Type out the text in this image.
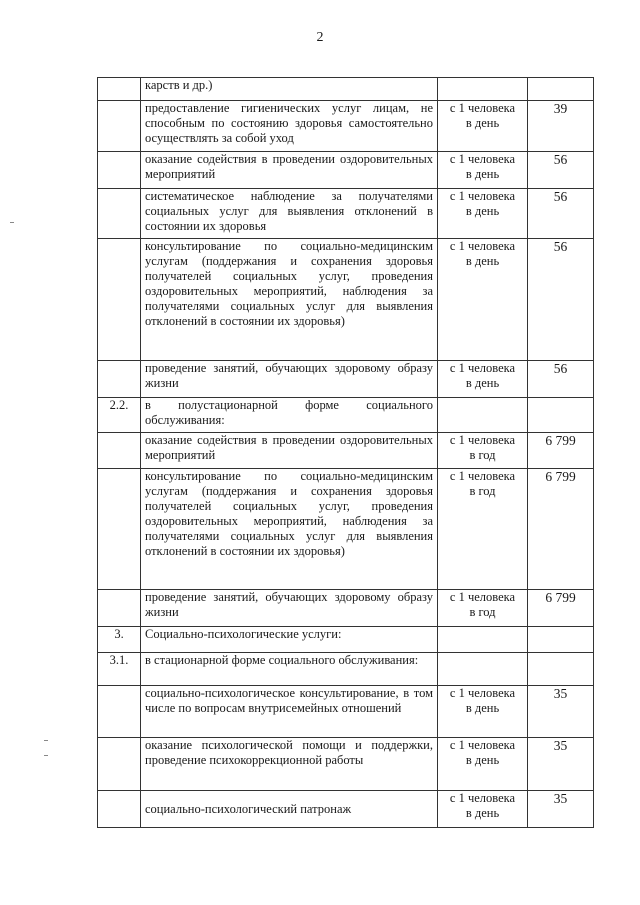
2
	карств и др.)	

	предоставление гигиенических услуг лицам, не способным по состоянию здоровья самостоятельно осуществлять за собой уход	с 1 человека
в день	39
	оказание содействия в проведении оздоровительных мероприятий	с 1 человека
в день	56
	систематическое наблюдение за получателями социальных услуг для выявления отклонений в состоянии их здоровья	с 1 человека
в день	56
	консультирование по социально-медицинским услугам (поддержания и сохранения здоровья получателей социальных услуг, проведения оздоровительных мероприятий, наблюдения за получателями социальных услуг для выявления отклонений в состоянии их здоровья)	с 1 человека
в день	56
	проведение занятий, обучающих здоровому образу жизни	с 1 человека
в день	56
2.2.	в полустационарной форме социального обслуживания:	

	оказание содействия в проведении оздоровительных мероприятий	с 1 человека
в год	6 799
	консультирование по социально-медицинским услугам (поддержания и сохранения здоровья получателей социальных услуг, проведения оздоровительных мероприятий, наблюдения за получателями социальных услуг для выявления отклонений в состоянии их здоровья)	с 1 человека
в год	6 799
	проведение занятий, обучающих здоровому образу жизни	с 1 человека
в год	6 799
3.	Социально-психологические услуги:	

3.1.	в стационарной форме социального обслуживания:	

	социально-психологическое консультирование, в том числе по вопросам внутрисемейных отношений	с 1 человека
в день	35
	оказание психологической помощи и поддержки, проведение психокоррекционной работы	с 1 человека
в день	35
	социально-психологический патронаж	с 1 человека
в день	35
